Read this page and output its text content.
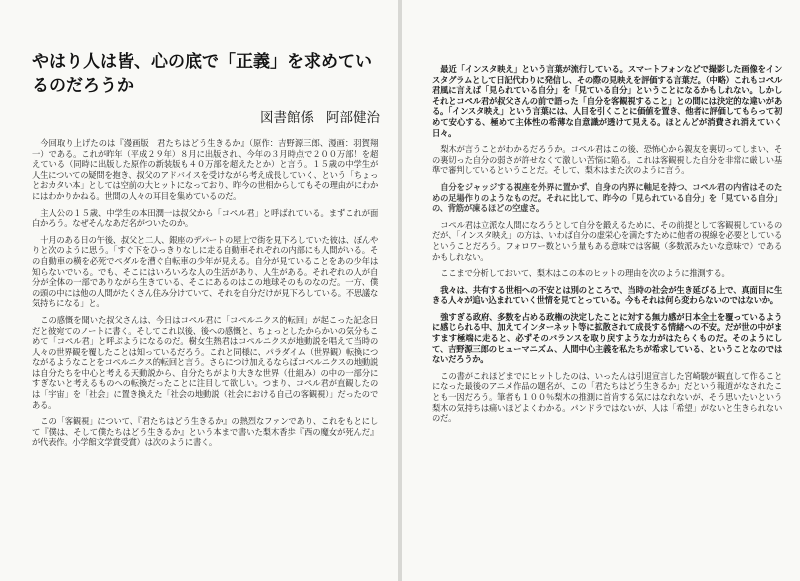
やはり人は皆、心の底で「正義」を求めているのだろうか
図書館係 阿部健治

今回取り上げたのは『漫画版　君たちはどう生きるか』（原作：吉野源三郎、漫画：羽賀翔一）である。これが昨年（平成２９年）８月に出版され、今年の３月時点で２００万部！を超えている（同時に出版した原作の新装版も４０万部を超えたとか）と言う。１５歳の中学生が人生についての疑問を抱き、叔父のアドバイスを受けながら考え成長していく、という「ちょっとおカタい本」としては空前の大ヒットになっており、昨今の世相からしてもその理由がにわかにはわかりかねる。世間の人々の耳目を集めているのだ。

主人公の１５歳、中学生の本田潤一は叔父から「コペル君」と呼ばれている。まずこれが面白かろう。なぜそんなあだ名がついたのか。

十月のある日の午後、叔父と二人、銀座のデパートの屋上で街を見下ろしていた彼は、ぼんやりと次のように思う。「すぐ下をひっきりなしに走る自動車それぞれの内部にも人間がいる。その自動車の横を必死でペダルを漕ぐ自転車の少年が見える。自分が見ていることをあの少年は知らないでいる。でも、そこにはいろいろな人の生活があり、人生がある。それぞれの人が自分が全体の一部でありながら生きている、そこにあるのはこの地球そのものなのだ。一方、僕の頭の中には他の人間がたくさん住み分けていて、それを自分だけが見下ろしている。不思議な気持ちになる」と。

この感慨を聞いた叔父さんは、今日はコペル君に「コペルニクス的転回」が起こった記念日だと彼宛てのノートに書く。そしてこれ以後、後への感慨と、ちょっとしたからかいの気分もこめて「コペル君」と呼ぶようになるのだ。樹女生熱君はコペルニクスが地動説を唱えて当時の人々の世界観を覆したことは知っているだろう。これと同様に、パラダイム（世界観）転換につながるようなことをコペルニクス的転回と言う。さらにつけ加えるならばコペルニクスの地動説は自分たちを中心と考える天動説から、自分たちがより大きな世界（仕組み）の中の一部分にすぎないと考えるものへの転換だったことに注目して欲しい。つまり、コペル君が直観したのは「宇宙」を「社会」に置き換えた「社会の地動説（社会における自己の客観視）」だったのである。

この「客観視」について、『君たちはどう生きるか』の熱烈なファンであり、これをもとにして『僕は、そして僕たちはどう生きるか』という本まで書いた梨木香歩『西の魔女が死んだ』が代表作。小学館文学賞受賞）は次のように書く。

最近「インスタ映え」という言葉が流行している。スマートフォンなどで撮影した画像をインスタグラムとして日記代わりに発信し、その際の見映えを評価する言葉だ。（中略）これもコペル君風に言えば「見られている自分」を「見ている自分」ということになるかもしれない。しかしそれとコペル君が叔父さんの前で語った「自分を客観視すること」との間には決定的な違いがある。「インスタ映え」という言葉には、人目を引くことに価値を置き、他者に評価してもらって初めて安心する、極めて主体性の希薄な自意識が透けて見える。ほとんどが消費され消えていく日々。

梨木が言うことがわかるだろうか。コペル君はこの後、恐怖心から親友を裏切ってしまい、その裏切った自分の弱さが許せなくて激しい苦悩に陥る。これは客観視した自分を非常に厳しい基準で審判しているということだ。そして、梨木はまた次のように言う。

自分をジャッジする視座を外界に置かず、自身の内界に軸足を持つ、コペル君の内省はそのための足場作りのようなものだ。それに比して、昨今の「見られている自分」を「見ている自分」の、背筋が凍るほどの空虚さ。

コペル君は立派な人間になろうとして自分を鍛えるために、その前提として客観視しているのだが、「インスタ映え」の方は、いわば自分の虚栄心を満たすために他者の視線を必要としているということだろう。フォロワー数という量もある意味では客観（多数派みたいな意味で）であるかもしれない。

ここまで分析しておいて、梨木はこの本のヒットの理由を次のように推測する。

我々は、共有する世相への不安とは別のところで、当時の社会が生き延びる上で、真面目に生きる人々が追い込まれていく世情を見てとっている。今もそれは何ら変わらないのではないか。

強すぎる政府、多数を占める政権の決定したことに対する無力感が日本全土を覆っているように感じられる中、加えてインターネット等に拡散されて成長する情緒への不安。だが世の中がますます極端に走ると、必ずそのバランスを取り戻すような力がはたらくものだ。そのようにして、吉野源三郎のヒューマニズム、人間中心主義を私たちが希求している、ということなのではないだろうか。

この書がこれほどまでにヒットしたのは、いったんは引退宣言した宮崎駿が観直して作ることになった最後のアニメ作品の題名が、この「君たちはどう生きるか」だという報道がなされたことも一因だろう。筆者も１００％梨木の推測に首肯する気にはなれないが、そう思いたいという梨木の気持ちは痛いほどよくわかる。パンドラではないが、人は「希望」がないと生きられないのだ。
